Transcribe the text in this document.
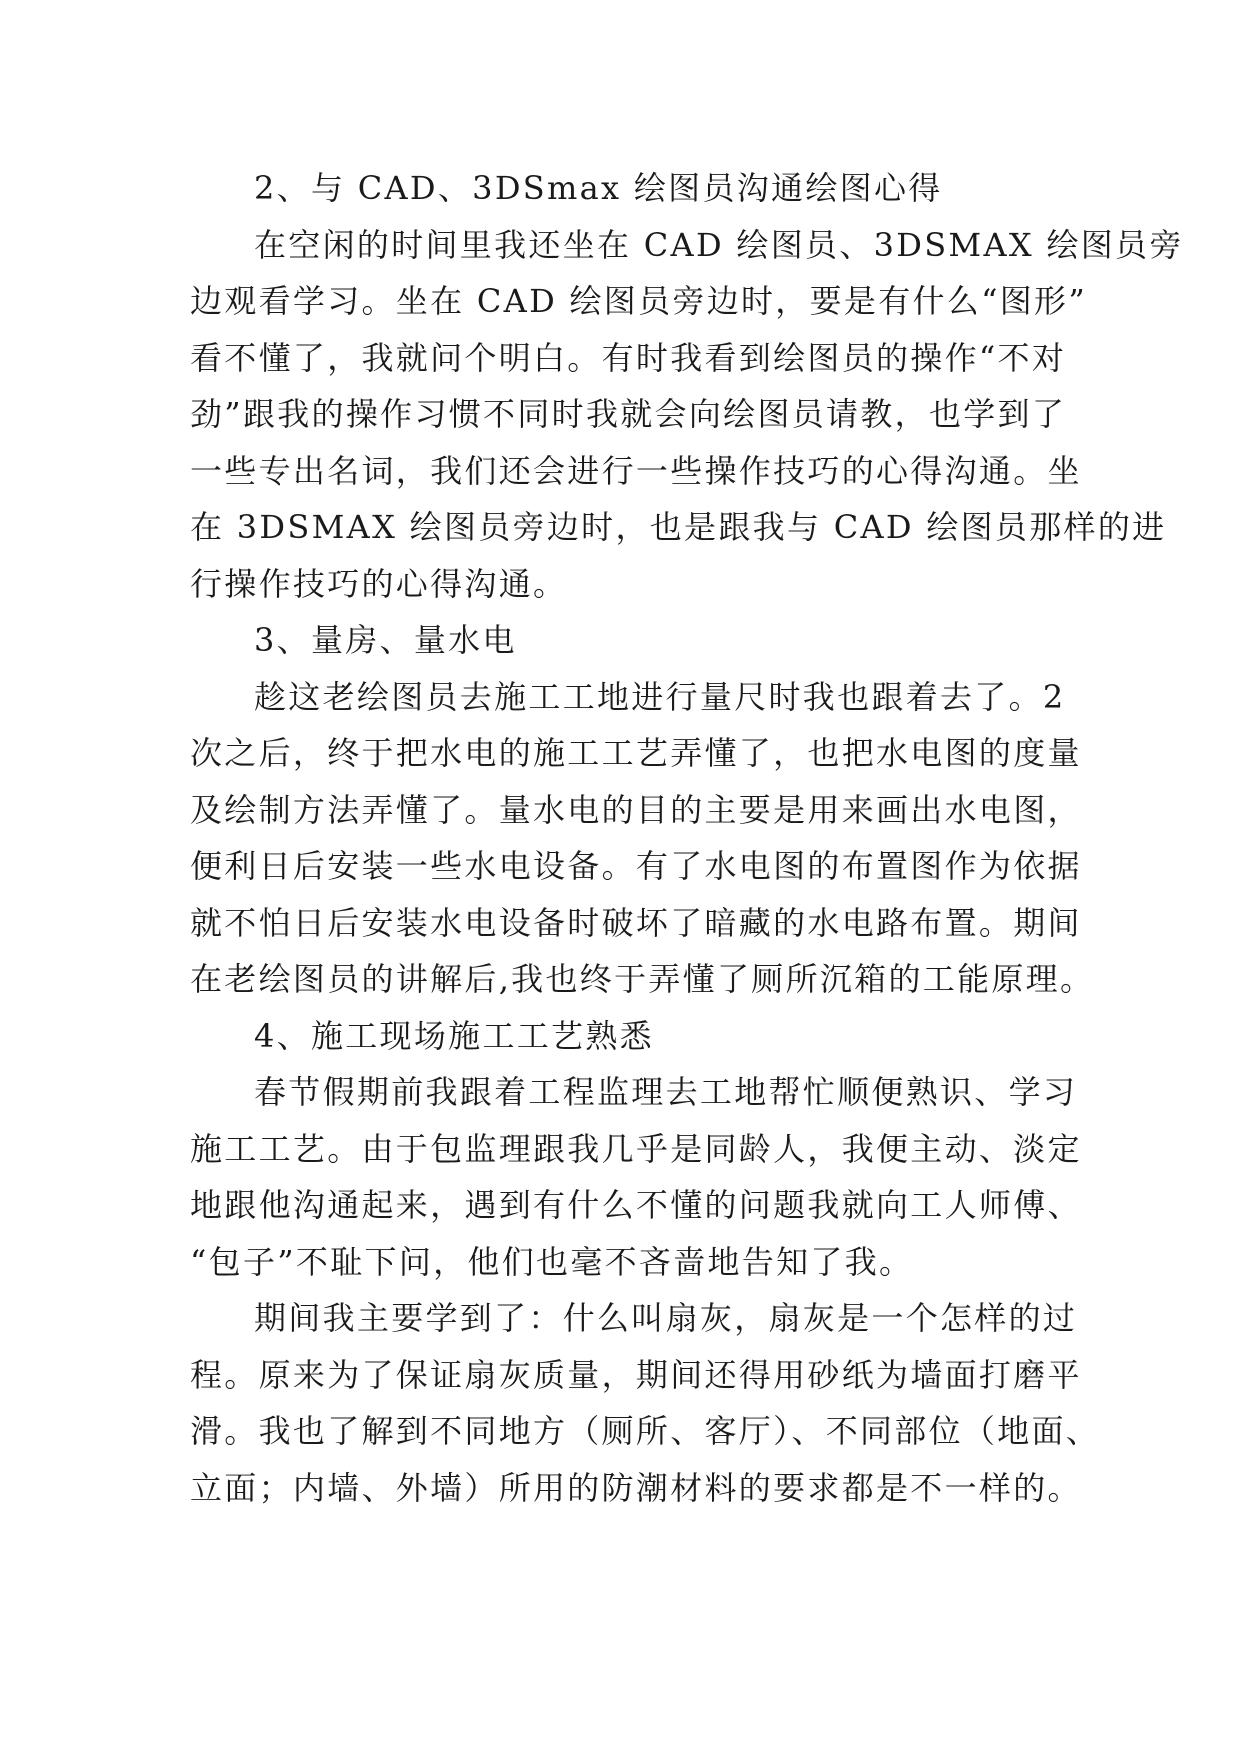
2、与 CAD、3DSmax 绘图员沟通绘图心得
在空闲的时间里我还坐在 CAD 绘图员、3DSMAX 绘图员旁
边观看学习。坐在 CAD 绘图员旁边时，要是有什么“图形”
看不懂了，我就问个明白。有时我看到绘图员的操作“不对
劲”跟我的操作习惯不同时我就会向绘图员请教，也学到了
一些专出名词，我们还会进行一些操作技巧的心得沟通。坐
在 3DSMAX 绘图员旁边时，也是跟我与 CAD 绘图员那样的进
行操作技巧的心得沟通。
3、量房、量水电
趁这老绘图员去施工工地进行量尺时我也跟着去了。2
次之后，终于把水电的施工工艺弄懂了，也把水电图的度量
及绘制方法弄懂了。量水电的目的主要是用来画出水电图，
便利日后安装一些水电设备。有了水电图的布置图作为依据
就不怕日后安装水电设备时破坏了暗藏的水电路布置。期间
在老绘图员的讲解后,我也终于弄懂了厕所沉箱的工能原理。
4、施工现场施工工艺熟悉
春节假期前我跟着工程监理去工地帮忙顺便熟识、学习
施工工艺。由于包监理跟我几乎是同龄人，我便主动、淡定
地跟他沟通起来，遇到有什么不懂的问题我就向工人师傅、
“包子”不耻下问，他们也毫不吝啬地告知了我。
期间我主要学到了：什么叫扇灰，扇灰是一个怎样的过
程。原来为了保证扇灰质量，期间还得用砂纸为墙面打磨平
滑。我也了解到不同地方（厕所、客厅）、不同部位（地面、
立面；内墙、外墙）所用的防潮材料的要求都是不一样的。
